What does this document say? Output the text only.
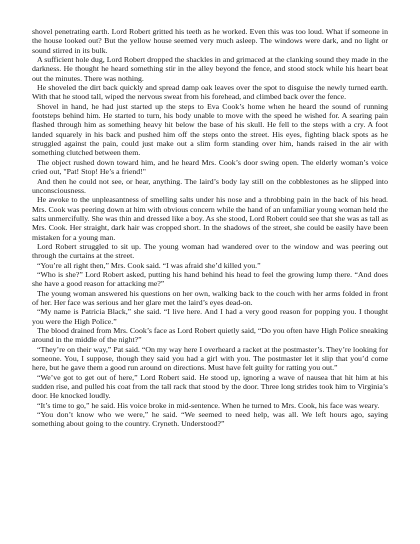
shovel penetrating earth. Lord Robert gritted his teeth as he worked. Even this was too loud. What if someone in the house looked out? But the yellow house seemed very much asleep. The windows were dark, and no light or sound stirred in its bulk.

A sufficient hole dug, Lord Robert dropped the shackles in and grimaced at the clanking sound they made in the darkness. He thought he heard something stir in the alley beyond the fence, and stood stock while his heart beat out the minutes. There was nothing.

He shoveled the dirt back quickly and spread damp oak leaves over the spot to disguise the newly turned earth. With that he stood tall, wiped the nervous sweat from his forehead, and climbed back over the fence.

Shovel in hand, he had just started up the steps to Eva Cook’s home when he heard the sound of running footsteps behind him. He started to turn, his body unable to move with the speed he wished for. A searing pain flashed through him as something heavy hit below the base of his skull. He fell to the steps with a cry. A foot landed squarely in his back and pushed him off the steps onto the street. His eyes, fighting black spots as he struggled against the pain, could just make out a slim form standing over him, hands raised in the air with something clutched between them.

The object rushed down toward him, and he heard Mrs. Cook’s door swing open. The elderly woman’s voice cried out, "Pat! Stop! He’s a friend!"

And then he could not see, or hear, anything. The laird’s body lay still on the cobblestones as he slipped into unconsciousness.

He awoke to the unpleasantness of smelling salts under his nose and a throbbing pain in the back of his head. Mrs. Cook was peering down at him with obvious concern while the hand of an unfamiliar young woman held the salts unmercifully. She was thin and dressed like a boy. As she stood, Lord Robert could see that she was as tall as Mrs. Cook. Her straight, dark hair was cropped short. In the shadows of the street, she could be easily have been mistaken for a young man.

Lord Robert struggled to sit up. The young woman had wandered over to the window and was peering out through the curtains at the street.

“You’re all right then,” Mrs. Cook said. “I was afraid she’d killed you.”

“Who is she?” Lord Robert asked, putting his hand behind his head to feel the growing lump there. “And does she have a good reason for attacking me?”

The young woman answered his questions on her own, walking back to the couch with her arms folded in front of her. Her face was serious and her glare met the laird’s eyes dead-on.

“My name is Patricia Black,” she said. “I live here. And I had a very good reason for popping you. I thought you were the High Police.”

The blood drained from Mrs. Cook’s face as Lord Robert quietly said, “Do you often have High Police sneaking around in the middle of the night?”

“They’re on their way,” Pat said. “On my way here I overheard a racket at the postmaster’s. They’re looking for someone. You, I suppose, though they said you had a girl with you. The postmaster let it slip that you’d come here, but he gave them a good run around on directions. Must have felt guilty for ratting you out.”

“We’ve got to get out of here,” Lord Robert said. He stood up, ignoring a wave of nausea that hit him at his sudden rise, and pulled his coat from the tall rack that stood by the door. Three long strides took him to Virginia’s door. He knocked loudly.

“It’s time to go,” he said. His voice broke in mid-sentence. When he turned to Mrs. Cook, his face was weary.

“You don’t know who we were,” he said. “We seemed to need help, was all. We left hours ago, saying something about going to the country. Cryneth. Understood?”
